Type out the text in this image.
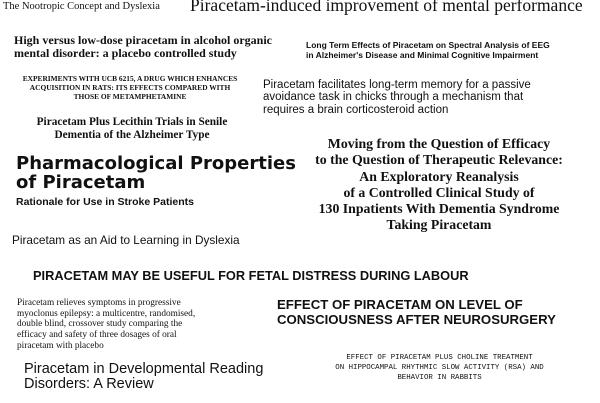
The Nootropic Concept and Dyslexia Piracetam-induced improvement of mental performance
High versus low-dose piracetam in alcohol organic
mental disorder: a placebo controlled study
Long Term Effects of Piracetam on Spectral Analysis of EEG
in Alzheimer's Disease and Minimal Cognitive Impairment
EXPERIMENTS WITH UCB 6215, A DRUG WHICH ENHANCES
ACQUISITION IN RATS: ITS EFFECTS COMPARED WITH
THOSE OF METAMPHETAMINE
Piracetam facilitates long-term memory for a passive
avoidance task in chicks through a mechanism that
requires a brain corticosteroid action
Piracetam Plus Lecithin Trials in Senile
Dementia of the Alzheimer Type
Pharmacological Properties
of Piracetam
Rationale for Use in Stroke Patients
Moving from the Question of Efficacy
to the Question of Therapeutic Relevance:
An Exploratory Reanalysis
of a Controlled Clinical Study of
130 Inpatients With Dementia Syndrome
Taking Piracetam
Piracetam as an Aid to Learning in Dyslexia
PIRACETAM MAY BE USEFUL FOR FETAL DISTRESS DURING LABOUR
Piracetam relieves symptoms in progressive
myoclonus epilepsy: a multicentre, randomised,
double blind, crossover study comparing the
efficacy and safety of three dosages of oral
piracetam with placebo
EFFECT OF PIRACETAM ON LEVEL OF
CONSCIOUSNESS AFTER NEUROSURGERY
Piracetam in Developmental Reading
Disorders: A Review
EFFECT OF PIRACETAM PLUS CHOLINE TREATMENT
ON HIPPOCAMPAL RHYTHMIC SLOW ACTIVITY (RSA) AND
BEHAVIOR IN RABBITS
